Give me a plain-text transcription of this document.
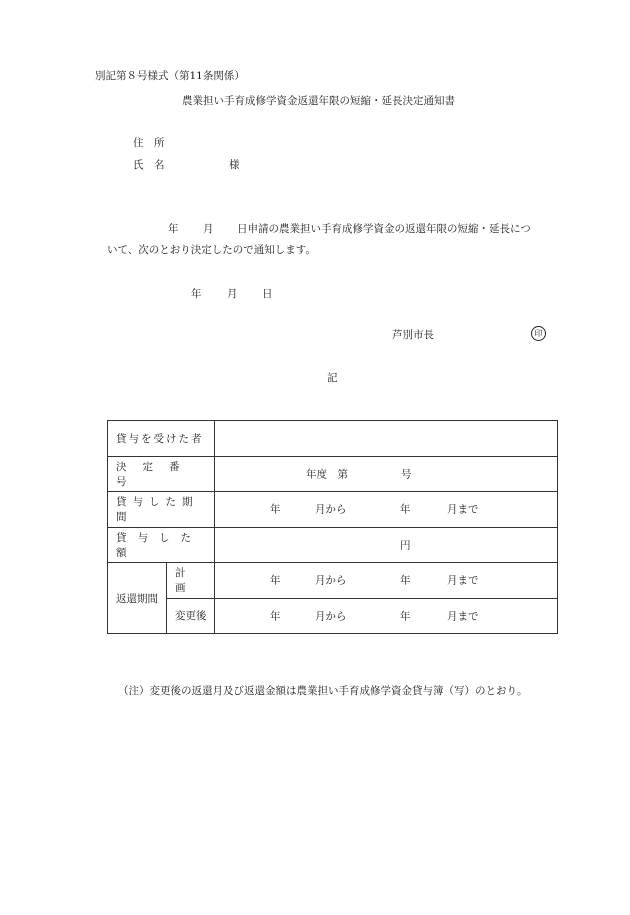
別記第８号様式（第11条関係）
農業担い手育成修学資金返還年限の短縮・延長決定通知書
住　所
氏　名	様
年 月 日申請の農業担い手育成修学資金の返還年限の短縮・延長につ
いて、次のとおり決定したので通知します。
年 月 日
芦別市長	印
記
貸与を受けた者		
決定番号		年度　第 号

貸与した期間		年 月から 年 月まで

貸与した額		円

返還期間	計画	年 月から 年 月まで

	変更後	年 月から 年 月まで
（注）変更後の返還月及び返還金額は農業担い手育成修学資金貸与簿（写）のとおり。
